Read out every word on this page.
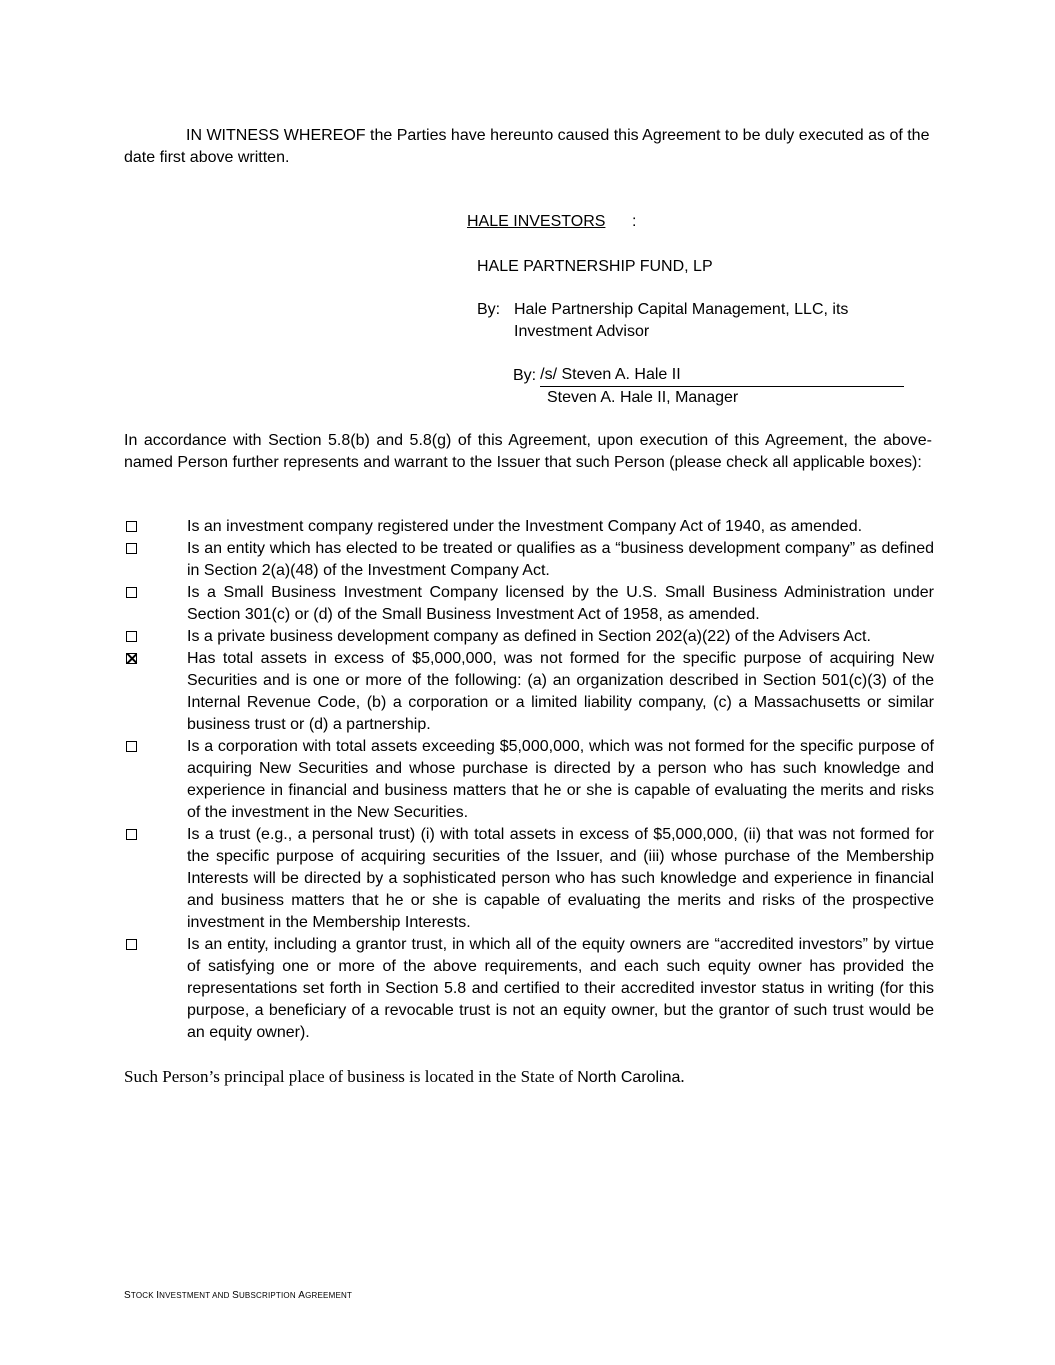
IN WITNESS WHEREOF the Parties have hereunto caused this Agreement to be duly executed as of the date first above written.
HALE INVESTORS :
HALE PARTNERSHIP FUND, LP
By: Hale Partnership Capital Management, LLC, its Investment Advisor
By: /s/ Steven A. Hale II
Steven A. Hale II, Manager
In accordance with Section 5.8(b) and 5.8(g) of this Agreement, upon execution of this Agreement, the above-named Person further represents and warrant to the Issuer that such Person (please check all applicable boxes):
Is an investment company registered under the Investment Company Act of 1940, as amended.
Is an entity which has elected to be treated or qualifies as a “business development company” as defined in Section 2(a)(48) of the Investment Company Act.
Is a Small Business Investment Company licensed by the U.S. Small Business Administration under Section 301(c) or (d) of the Small Business Investment Act of 1958, as amended.
Is a private business development company as defined in Section 202(a)(22) of the Advisers Act.
Has total assets in excess of $5,000,000, was not formed for the specific purpose of acquiring New Securities and is one or more of the following: (a) an organization described in Section 501(c)(3) of the Internal Revenue Code, (b) a corporation or a limited liability company, (c) a Massachusetts or similar business trust or (d) a partnership.
Is a corporation with total assets exceeding $5,000,000, which was not formed for the specific purpose of acquiring New Securities and whose purchase is directed by a person who has such knowledge and experience in financial and business matters that he or she is capable of evaluating the merits and risks of the investment in the New Securities.
Is a trust (e.g., a personal trust) (i) with total assets in excess of $5,000,000, (ii) that was not formed for the specific purpose of acquiring securities of the Issuer, and (iii) whose purchase of the Membership Interests will be directed by a sophisticated person who has such knowledge and experience in financial and business matters that he or she is capable of evaluating the merits and risks of the prospective investment in the Membership Interests.
Is an entity, including a grantor trust, in which all of the equity owners are “accredited investors” by virtue of satisfying one or more of the above requirements, and each such equity owner has provided the representations set forth in Section 5.8 and certified to their accredited investor status in writing (for this purpose, a beneficiary of a revocable trust is not an equity owner, but the grantor of such trust would be an equity owner).
Such Person’s principal place of business is located in the State of North Carolina.
STOCK INVESTMENT AND SUBSCRIPTION AGREEMENT
